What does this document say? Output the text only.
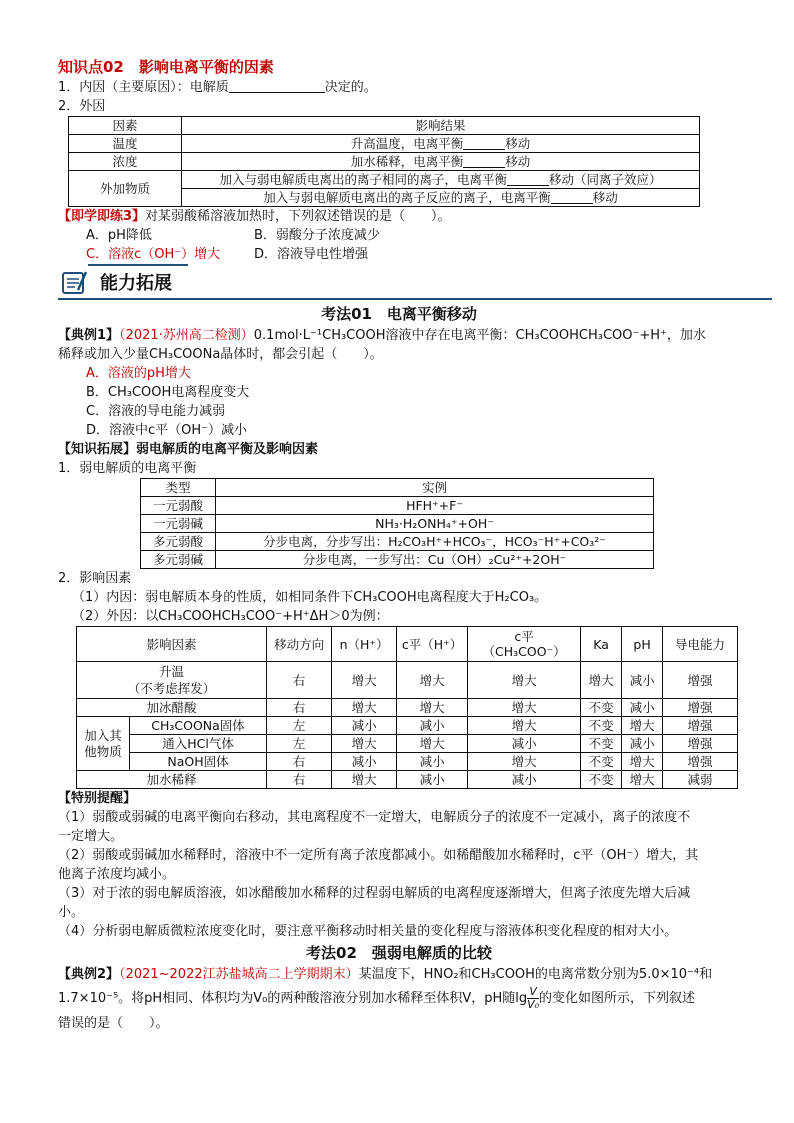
知识点02　影响电离平衡的因素
1．内因（主要原因）：电解质	决定的。
2．外因
因素	影响结果
温度	升高温度，电离平衡 移动
浓度	加水稀释，电离平衡 移动
外加物质	加入与弱电解质电离出的离子相同的离子，电离平衡 移动（同离子效应）
	加入与弱电解质电离出的离子反应的离子，电离平衡 移动
【即学即练3】对某弱酸稀溶液加热时，下列叙述错误的是（　　）。
A．pH降低	B．弱酸分子浓度减少
C．溶液c（OH⁻）增大	D．溶液导电性增强
能力拓展
考法01　电离平衡移动
【典例1】（2021·苏州高二检测）0.1mol·L⁻¹CH₃COOH溶液中存在电离平衡：CH₃COOHCH₃COO⁻+H⁺，加水
稀释或加入少量CH₃COONa晶体时，都会引起（　　）。
A．溶液的pH增大
B．CH₃COOH电离程度变大
C．溶液的导电能力减弱
D．溶液中c平（OH⁻）减小
【知识拓展】弱电解质的电离平衡及影响因素
1．弱电解质的电离平衡
类型	实例
一元弱酸	HFH⁺+F⁻
一元弱碱	NH₃·H₂ONH₄⁺+OH⁻
多元弱酸	分步电离，分步写出：H₂CO₃H⁺+HCO₃⁻，HCO₃⁻H⁺+CO₃²⁻
多元弱碱	分步电离，一步写出：Cu（OH）₂Cu²⁺+2OH⁻
2．影响因素
（1）内因：弱电解质本身的性质，如相同条件下CH₃COOH电离程度大于H₂CO₃。
（2）外因：以CH₃COOHCH₃COO⁻+H⁺ΔH＞0为例：
影响因素		移动方向	n（H⁺）	c平（H⁺）	c平
（CH₃COO⁻）	Ka	pH	导电能力
升温
（不考虑挥发）		右	增大	增大	增大	增大	减小	增强
加冰醋酸		右	增大	增大	增大	不变	减小	增强
加入其他物质	CH₃COONa固体	左	减小	减小	增大	不变	增大	增强
	通入HCl气体	左	增大	增大	减小	不变	减小	增强
	NaOH固体	右	减小	减小	增大	不变	增大	增强
加水稀释		右	增大	减小	减小	不变	增大	减弱
【特别提醒】
（1）弱酸或弱碱的电离平衡向右移动，其电离程度不一定增大，电解质分子的浓度不一定减小，离子的浓度不
一定增大。
（2）弱酸或弱碱加水稀释时，溶液中不一定所有离子浓度都减小。如稀醋酸加水稀释时，c平（OH⁻）增大，其
他离子浓度均减小。
（3）对于浓的弱电解质溶液，如冰醋酸加水稀释的过程弱电解质的电离程度逐渐增大，但离子浓度先增大后减
小。
（4）分析弱电解质微粒浓度变化时，要注意平衡移动时相关量的变化程度与溶液体积变化程度的相对大小。
考法02　强弱电解质的比较
【典例2】（2021~2022江苏盐城高二上学期期末）某温度下，HNO₂和CH₃COOH的电离常数分别为5.0×10⁻⁴和
1.7×10⁻⁵。将pH相同、体积均为V₀的两种酸溶液分别加水稀释至体积V，pH随$\lg \frac{V}{\text{V₀}}$ 的变化如图所示，下列叙述
错误的是（　　）。
